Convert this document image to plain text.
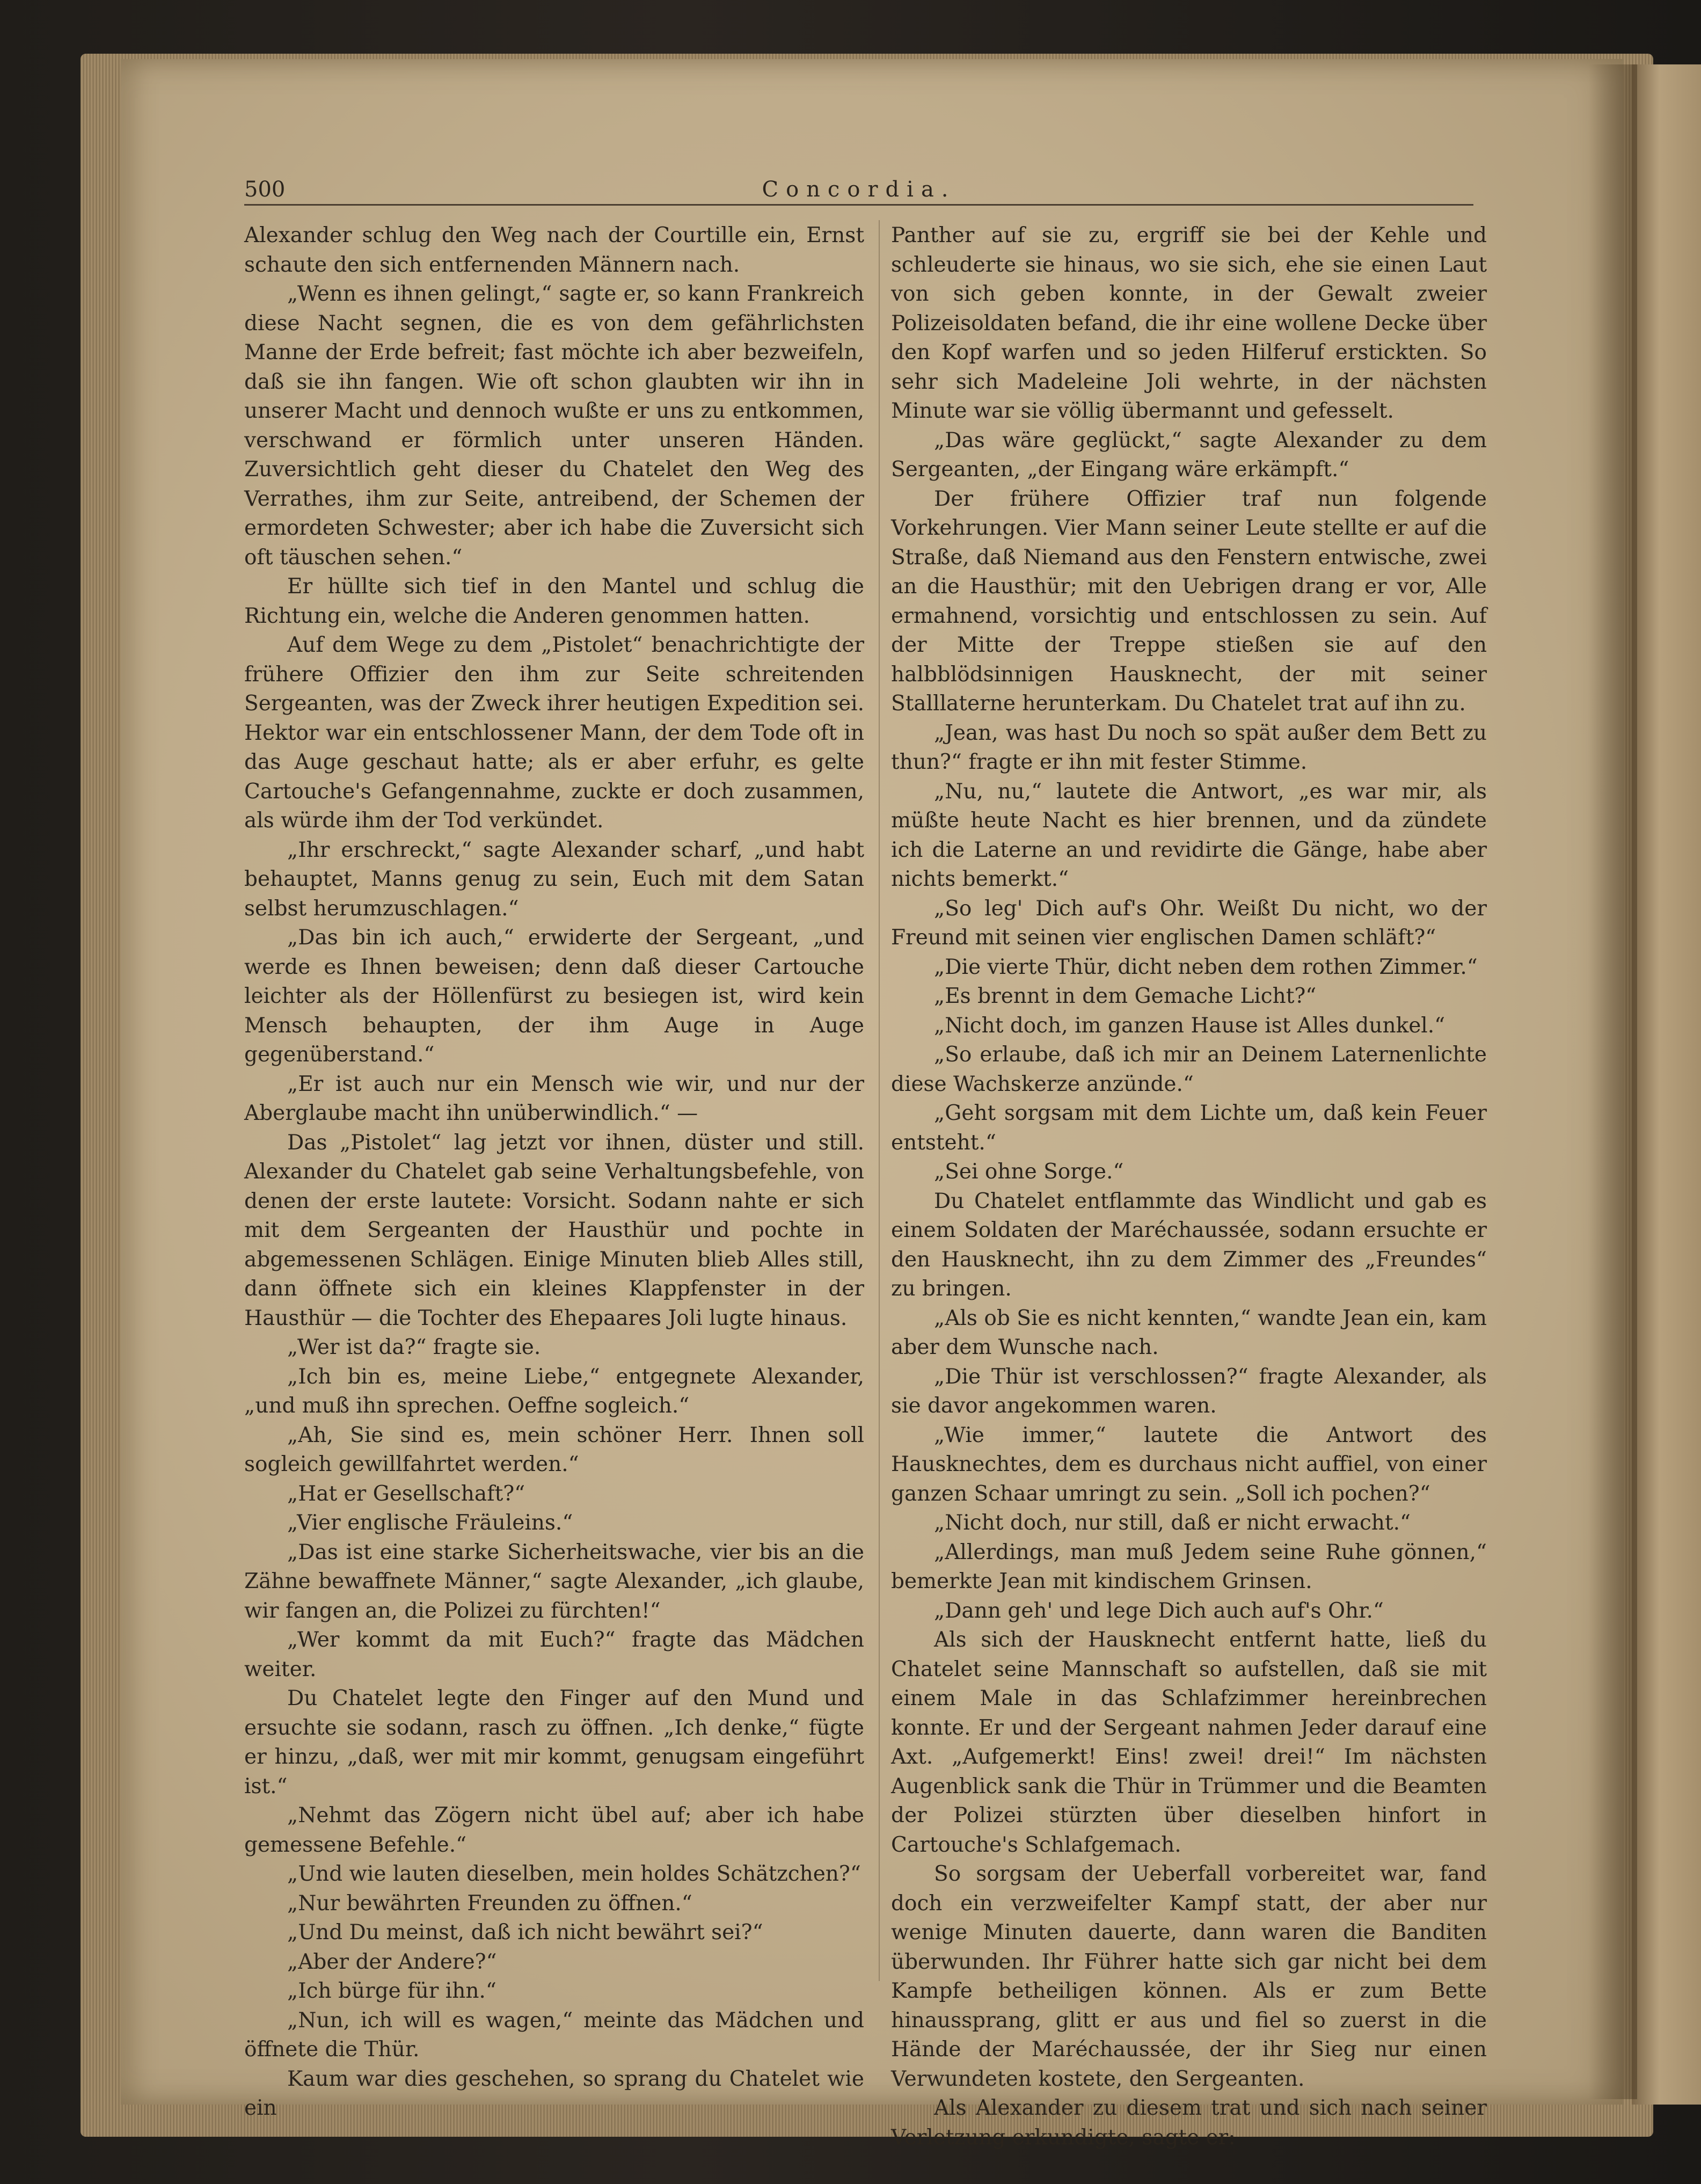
500	Concordia.

Alexander schlug den Weg nach der Courtille ein, Ernst schaute den sich entfernenden Männern nach.

„Wenn es ihnen gelingt,“ sagte er, so kann Frankreich diese Nacht segnen, die es von dem gefährlichsten Manne der Erde befreit; fast möchte ich aber bezweifeln, daß sie ihn fangen. Wie oft schon glaubten wir ihn in unserer Macht und dennoch wußte er uns zu entkommen, verschwand er förmlich unter unseren Händen. Zuversichtlich geht dieser du Chatelet den Weg des Verrathes, ihm zur Seite, antreibend, der Schemen der ermordeten Schwester; aber ich habe die Zuversicht sich oft täuschen sehen.“

Er hüllte sich tief in den Mantel und schlug die Richtung ein, welche die Anderen genommen hatten.

Auf dem Wege zu dem „Pistolet“ benachrichtigte der frühere Offizier den ihm zur Seite schreitenden Sergeanten, was der Zweck ihrer heutigen Expedition sei. Hektor war ein entschlossener Mann, der dem Tode oft in das Auge geschaut hatte; als er aber erfuhr, es gelte Cartouche's Gefangennahme, zuckte er doch zusammen, als würde ihm der Tod verkündet.

„Ihr erschreckt,“ sagte Alexander scharf, „und habt behauptet, Manns genug zu sein, Euch mit dem Satan selbst herumzuschlagen.“

„Das bin ich auch,“ erwiderte der Sergeant, „und werde es Ihnen beweisen; denn daß dieser Cartouche leichter als der Höllenfürst zu besiegen ist, wird kein Mensch behaupten, der ihm Auge in Auge gegenüberstand.“

„Er ist auch nur ein Mensch wie wir, und nur der Aberglaube macht ihn unüberwindlich.“ —

Das „Pistolet“ lag jetzt vor ihnen, düster und still. Alexander du Chatelet gab seine Verhaltungsbefehle, von denen der erste lautete: Vorsicht. Sodann nahte er sich mit dem Sergeanten der Hausthür und pochte in abgemessenen Schlägen. Einige Minuten blieb Alles still, dann öffnete sich ein kleines Klappfenster in der Hausthür — die Tochter des Ehepaares Joli lugte hinaus.

„Wer ist da?“ fragte sie.

„Ich bin es, meine Liebe,“ entgegnete Alexander, „und muß ihn sprechen. Oeffne sogleich.“

„Ah, Sie sind es, mein schöner Herr. Ihnen soll sogleich gewillfahrtet werden.“

„Hat er Gesellschaft?“

„Vier englische Fräuleins.“

„Das ist eine starke Sicherheitswache, vier bis an die Zähne bewaffnete Männer,“ sagte Alexander, „ich glaube, wir fangen an, die Polizei zu fürchten!“

„Wer kommt da mit Euch?“ fragte das Mädchen weiter.

Du Chatelet legte den Finger auf den Mund und ersuchte sie sodann, rasch zu öffnen. „Ich denke,“ fügte er hinzu, „daß, wer mit mir kommt, genugsam eingeführt ist.“

„Nehmt das Zögern nicht übel auf; aber ich habe gemessene Befehle.“

„Und wie lauten dieselben, mein holdes Schätzchen?“

„Nur bewährten Freunden zu öffnen.“

„Und Du meinst, daß ich nicht bewährt sei?“

„Aber der Andere?“

„Ich bürge für ihn.“

„Nun, ich will es wagen,“ meinte das Mädchen und öffnete die Thür.

Kaum war dies geschehen, so sprang du Chatelet wie ein

Panther auf sie zu, ergriff sie bei der Kehle und schleuderte sie hinaus, wo sie sich, ehe sie einen Laut von sich geben konnte, in der Gewalt zweier Polizeisoldaten befand, die ihr eine wollene Decke über den Kopf warfen und so jeden Hilferuf erstickten. So sehr sich Madeleine Joli wehrte, in der nächsten Minute war sie völlig übermannt und gefesselt.

„Das wäre geglückt,“ sagte Alexander zu dem Sergeanten, „der Eingang wäre erkämpft.“

Der frühere Offizier traf nun folgende Vorkehrungen. Vier Mann seiner Leute stellte er auf die Straße, daß Niemand aus den Fenstern entwische, zwei an die Hausthür; mit den Uebrigen drang er vor, Alle ermahnend, vorsichtig und entschlossen zu sein. Auf der Mitte der Treppe stießen sie auf den halbblödsinnigen Hausknecht, der mit seiner Stalllaterne herunterkam. Du Chatelet trat auf ihn zu.

„Jean, was hast Du noch so spät außer dem Bett zu thun?“ fragte er ihn mit fester Stimme.

„Nu, nu,“ lautete die Antwort, „es war mir, als müßte heute Nacht es hier brennen, und da zündete ich die Laterne an und revidirte die Gänge, habe aber nichts bemerkt.“

„So leg' Dich auf's Ohr. Weißt Du nicht, wo der Freund mit seinen vier englischen Damen schläft?“

„Die vierte Thür, dicht neben dem rothen Zimmer.“

„Es brennt in dem Gemache Licht?“

„Nicht doch, im ganzen Hause ist Alles dunkel.“

„So erlaube, daß ich mir an Deinem Laternenlichte diese Wachskerze anzünde.“

„Geht sorgsam mit dem Lichte um, daß kein Feuer entsteht.“

„Sei ohne Sorge.“

Du Chatelet entflammte das Windlicht und gab es einem Soldaten der Maréchaussée, sodann ersuchte er den Hausknecht, ihn zu dem Zimmer des „Freundes“ zu bringen.

„Als ob Sie es nicht kennten,“ wandte Jean ein, kam aber dem Wunsche nach.

„Die Thür ist verschlossen?“ fragte Alexander, als sie davor angekommen waren.

„Wie immer,“ lautete die Antwort des Hausknechtes, dem es durchaus nicht auffiel, von einer ganzen Schaar umringt zu sein. „Soll ich pochen?“

„Nicht doch, nur still, daß er nicht erwacht.“

„Allerdings, man muß Jedem seine Ruhe gönnen,“ bemerkte Jean mit kindischem Grinsen.

„Dann geh' und lege Dich auch auf's Ohr.“

Als sich der Hausknecht entfernt hatte, ließ du Chatelet seine Mannschaft so aufstellen, daß sie mit einem Male in das Schlafzimmer hereinbrechen konnte. Er und der Sergeant nahmen Jeder darauf eine Axt. „Aufgemerkt! Eins! zwei! drei!“ Im nächsten Augenblick sank die Thür in Trümmer und die Beamten der Polizei stürzten über dieselben hinfort in Cartouche's Schlafgemach.

So sorgsam der Ueberfall vorbereitet war, fand doch ein verzweifelter Kampf statt, der aber nur wenige Minuten dauerte, dann waren die Banditen überwunden. Ihr Führer hatte sich gar nicht bei dem Kampfe betheiligen können. Als er zum Bette hinaussprang, glitt er aus und fiel so zuerst in die Hände der Maréchaussée, der ihr Sieg nur einen Verwundeten kostete, den Sergeanten.

Als Alexander zu diesem trat und sich nach seiner Verletzung erkundigte, sagte er:
